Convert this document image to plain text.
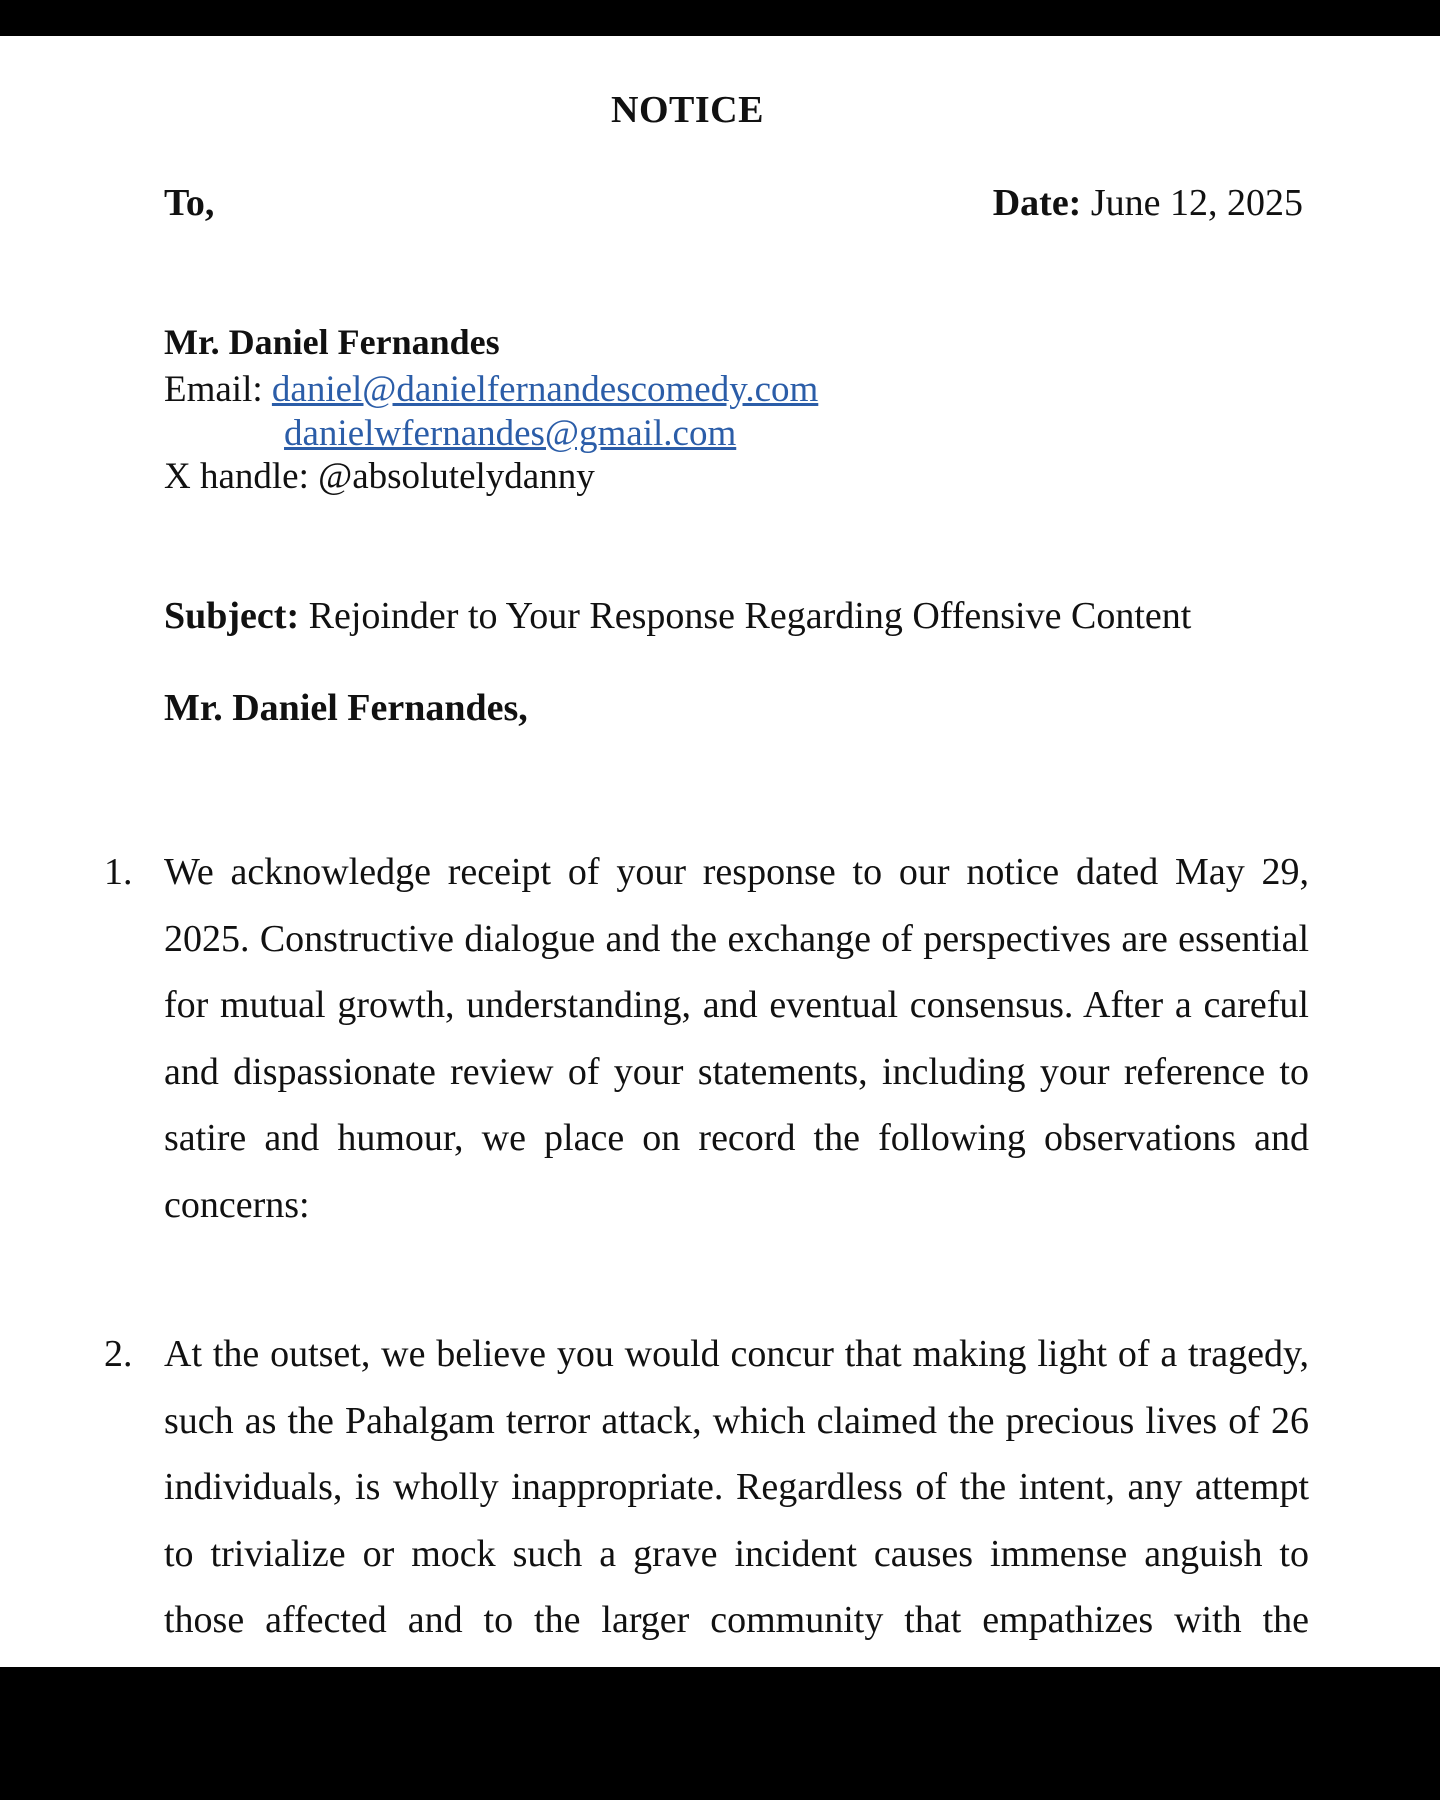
NOTICE
To,	Date: June 12, 2025
Mr. Daniel Fernandes
Email: daniel@danielfernandescomedy.com
danielwfernandes@gmail.com
X handle: @absolutelydanny
Subject: Rejoinder to Your Response Regarding Offensive Content
Mr. Daniel Fernandes,
1. We acknowledge receipt of your response to our notice dated May 29, 2025. Constructive dialogue and the exchange of perspectives are essential for mutual growth, understanding, and eventual consensus. After a careful and dispassionate review of your statements, including your reference to satire and humour, we place on record the following observations and concerns:
2. At the outset, we believe you would concur that making light of a tragedy, such as the Pahalgam terror attack, which claimed the precious lives of 26 individuals, is wholly inappropriate. Regardless of the intent, any attempt to trivialize or mock such a grave incident causes immense anguish to those affected and to the larger community that empathizes with the
